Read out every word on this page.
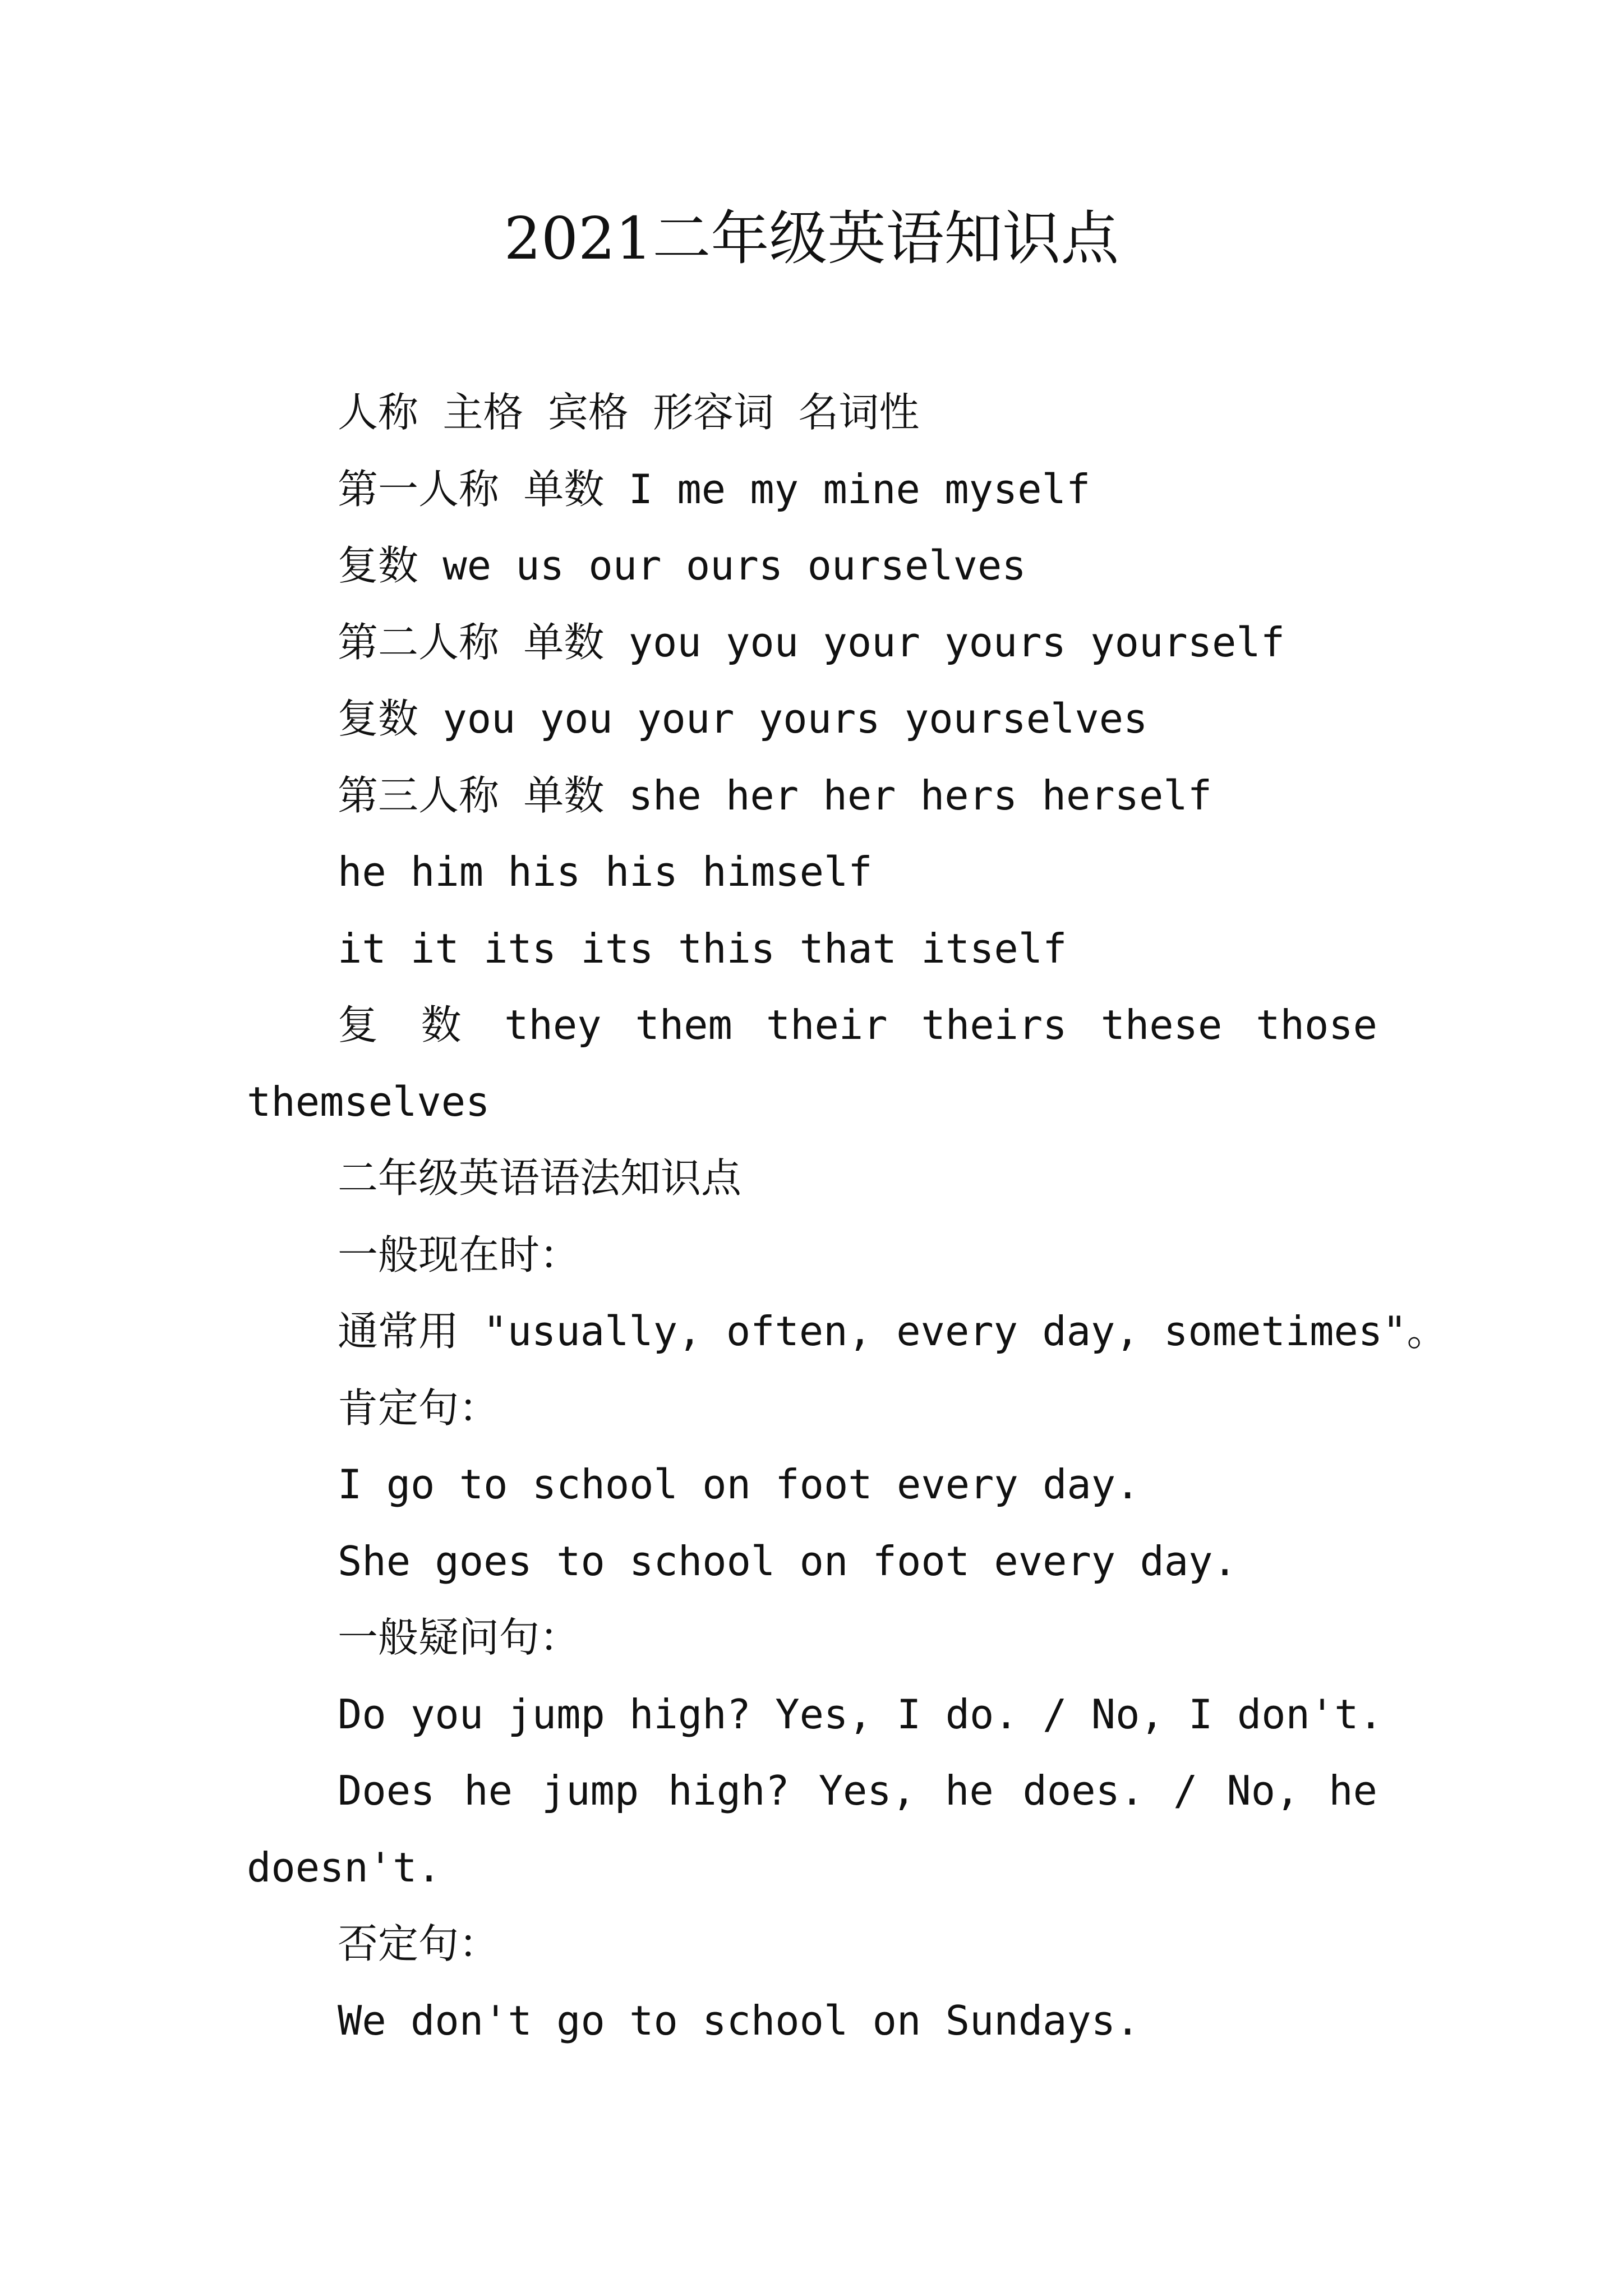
2021二年级英语知识点

人称 主格 宾格 形容词 名词性

第一人称 单数 I me my mine myself

复数 we us our ours ourselves

第二人称 单数 you you your yours yourself

复数 you you your yours yourselves

第三人称 单数 she her her hers herself

he him his his himself

it it its its this that itself

复 数 they them their theirs these those themselves

二年级英语语法知识点

一般现在时：

通常用 "usually, often, every day, sometimes"。

肯定句：

I go to school on foot every day.

She goes to school on foot every day.

一般疑问句：

Do you jump high? Yes, I do. / No, I don't.

Does he jump high? Yes, he does. / No, he doesn't.

否定句：

We don't go to school on Sundays.
